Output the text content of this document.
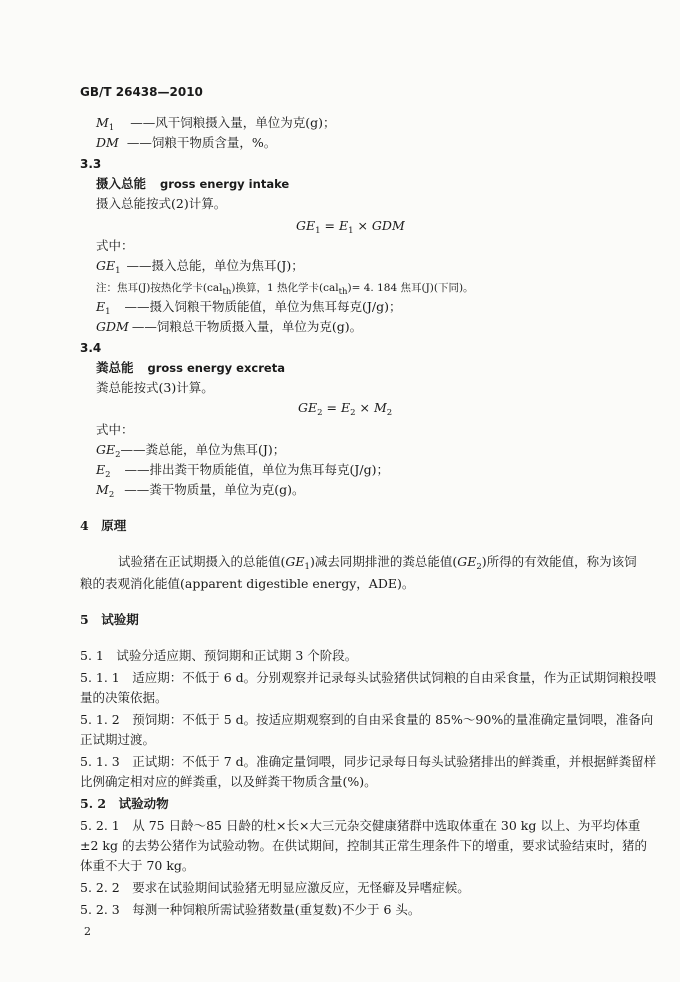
GB/T 26438—2010
$M_1$ ——风干饲粮摄入量，单位为克(g)；
DM ——饲粮干物质含量，%。
3.3
摄入总能 gross energy intake
摄入总能按式(2)计算。
$GE_1 = E_1$ × GDM
式中：
$GE_1$ ——摄入总能，单位为焦耳(J)；
注：焦耳(J)按热化学卡(cal$_{th}$)换算，1 热化学卡(cal$_{th}$)= 4. 184 焦耳(J)(下同)。
$E_1$ ——摄入饲粮干物质能值，单位为焦耳每克(J/g)；
GDM ——饲粮总干物质摄入量，单位为克(g)。
3.4
粪总能 gross energy excreta
粪总能按式(3)计算。
$GE_2 = E_2 \times M_2$
式中：
$GE_2——$粪总能，单位为焦耳(J)；
$E_2$ ——排出粪干物质能值，单位为焦耳每克(J/g)；
$M_2$ ——粪干物质量，单位为克(g)。
4　原理
试验猪在正试期摄入的总能值$(GE_1)$减去同期排泄的粪总能值$(GE_2)$所得的有效能值，称为该饲
粮的表观消化能值(apparent digestible energy，ADE)。
5　试验期
5. 1　试验分适应期、预饲期和正试期 3 个阶段。
5. 1. 1　适应期：不低于 6 d。分别观察并记录每头试验猪供试饲粮的自由采食量，作为正试期饲粮投喂
量的决策依据。
5. 1. 2　预饲期：不低于 5 d。按适应期观察到的自由采食量的 85%～90%的量准确定量饲喂，准备向
正试期过渡。
5. 1. 3　正试期：不低于 7 d。准确定量饲喂，同步记录每日每头试验猪排出的鲜粪重，并根据鲜粪留样
比例确定相对应的鲜粪重，以及鲜粪干物质含量(%)。
5. 2　试验动物
5. 2. 1　从 75 日龄～85 日龄的杜×长×大三元杂交健康猪群中选取体重在 30 kg 以上、为平均体重
±2 kg 的去势公猪作为试验动物。在供试期间，控制其正常生理条件下的增重，要求试验结束时，猪的
体重不大于 70 kg。
5. 2. 2　要求在试验期间试验猪无明显应激反应，无怪癖及异嗜症候。
5. 2. 3　每测一种饲粮所需试验猪数量(重复数)不少于 6 头。
2
